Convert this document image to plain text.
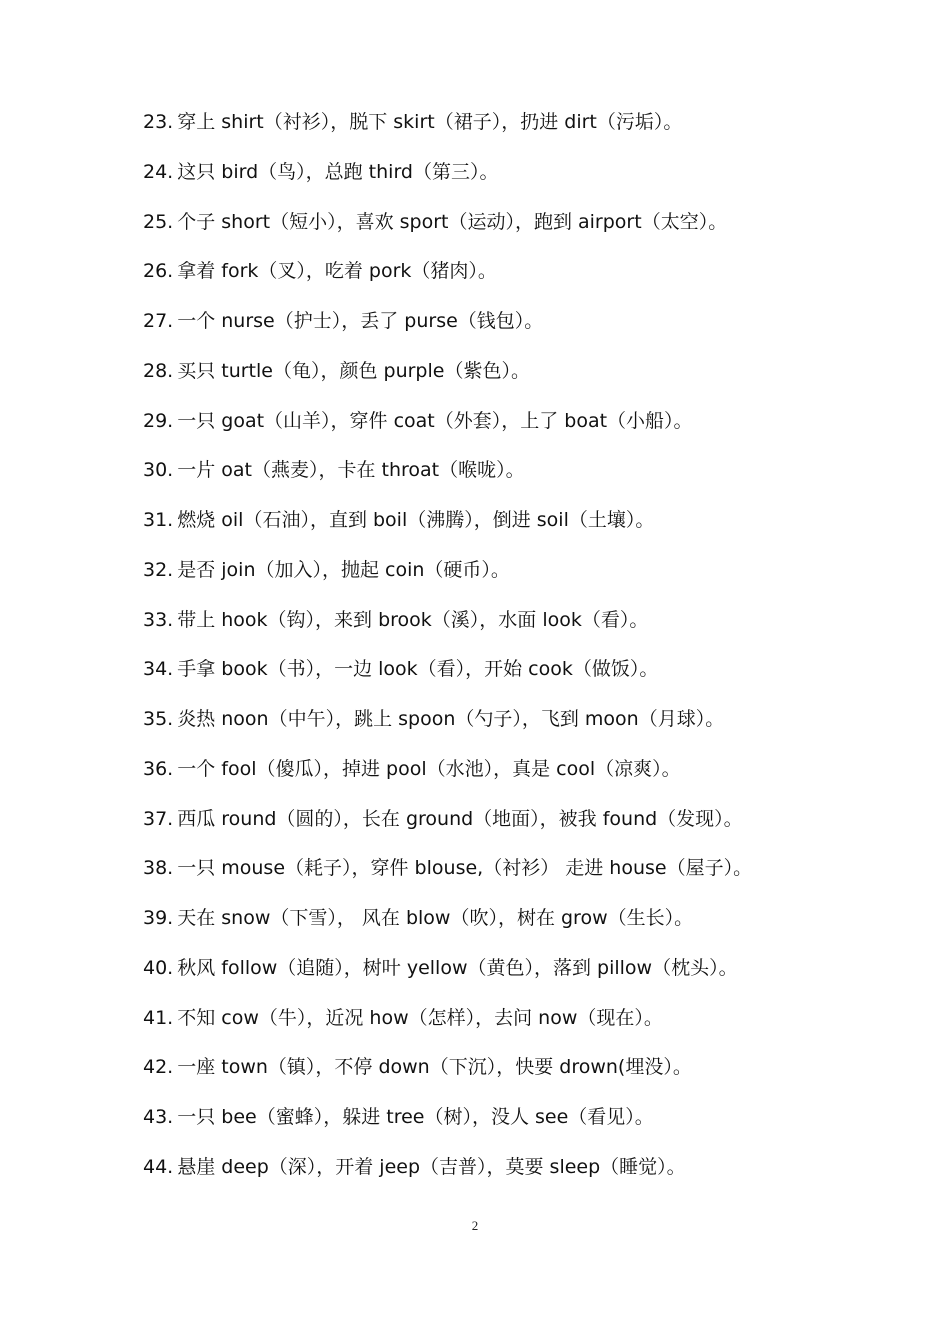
23. 穿上 shirt（衬衫），脱下 skirt（裙子），扔进 dirt（污垢）。
24. 这只 bird（鸟），总跑 third（第三）。
25. 个子 short（短小），喜欢 sport（运动），跑到 airport（太空）。
26. 拿着 fork（叉），吃着 pork（猪肉）。
27. 一个 nurse（护士），丢了 purse（钱包）。
28. 买只 turtle（龟），颜色 purple（紫色）。
29. 一只 goat（山羊），穿件 coat（外套），上了 boat（小船）。
30. 一片 oat（燕麦），卡在 throat（喉咙）。
31. 燃烧 oil（石油），直到 boil（沸腾），倒进 soil（土壤）。
32. 是否 join（加入），抛起 coin（硬币）。
33. 带上 hook（钩），来到 brook（溪），水面 look（看）。
34. 手拿 book（书），一边 look（看），开始 cook（做饭）。
35. 炎热 noon（中午），跳上 spoon（勺子），飞到 moon（月球）。
36. 一个 fool（傻瓜），掉进 pool（水池），真是 cool（凉爽）。
37. 西瓜 round（圆的），长在 ground（地面），被我 found（发现）。
38. 一只 mouse（耗子），穿件 blouse,（衬衫） 走进 house（屋子）。
39. 天在 snow（下雪）， 风在 blow（吹），树在 grow（生长）。
40. 秋风 follow（追随），树叶 yellow（黄色），落到 pillow（枕头）。
41. 不知 cow（牛），近况 how（怎样），去问 now（现在）。
42. 一座 town（镇），不停 down（下沉），快要 drown(埋没）。
43. 一只 bee（蜜蜂），躲进 tree（树），没人 see（看见）。
44. 悬崖 deep（深），开着 jeep（吉普），莫要 sleep（睡觉）。
2
